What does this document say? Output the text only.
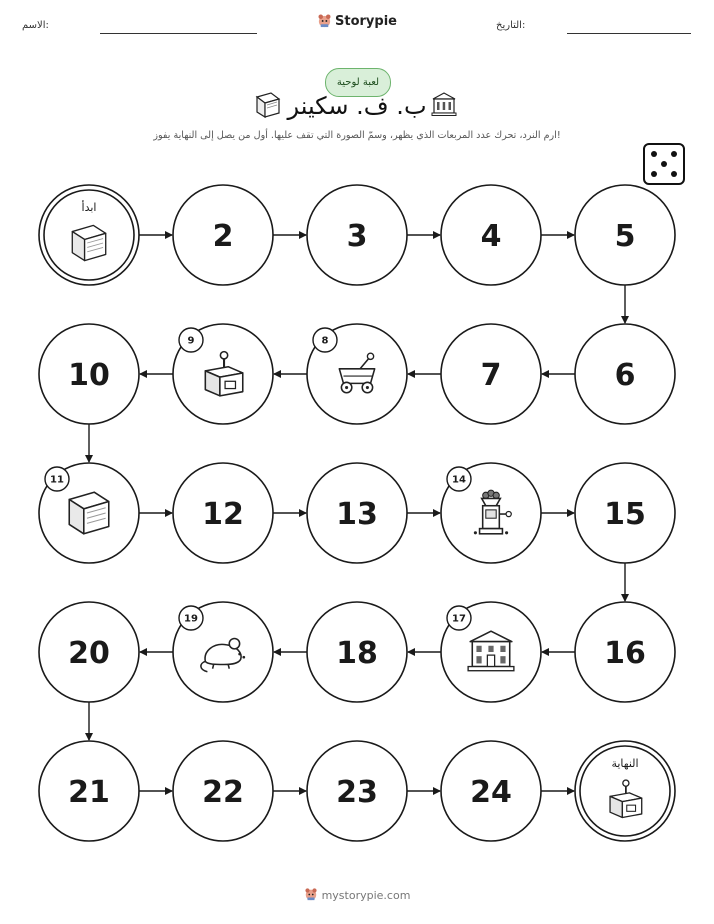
الاسم:	Storypie	التاريخ:
لعبة لوحية
ب. ف. سكينر
ارم النرد، تحرك عدد المربعات الذي يظهر، وسمّ الصورة التي تقف عليها. أول من يصل إلى النهاية يفوز!
ابدأ
2	3	4	5
6
7
8
9
10
11
12	13
14
15
16
17
18
19
20
21	22	23	24
النهاية
mystorypie.com
